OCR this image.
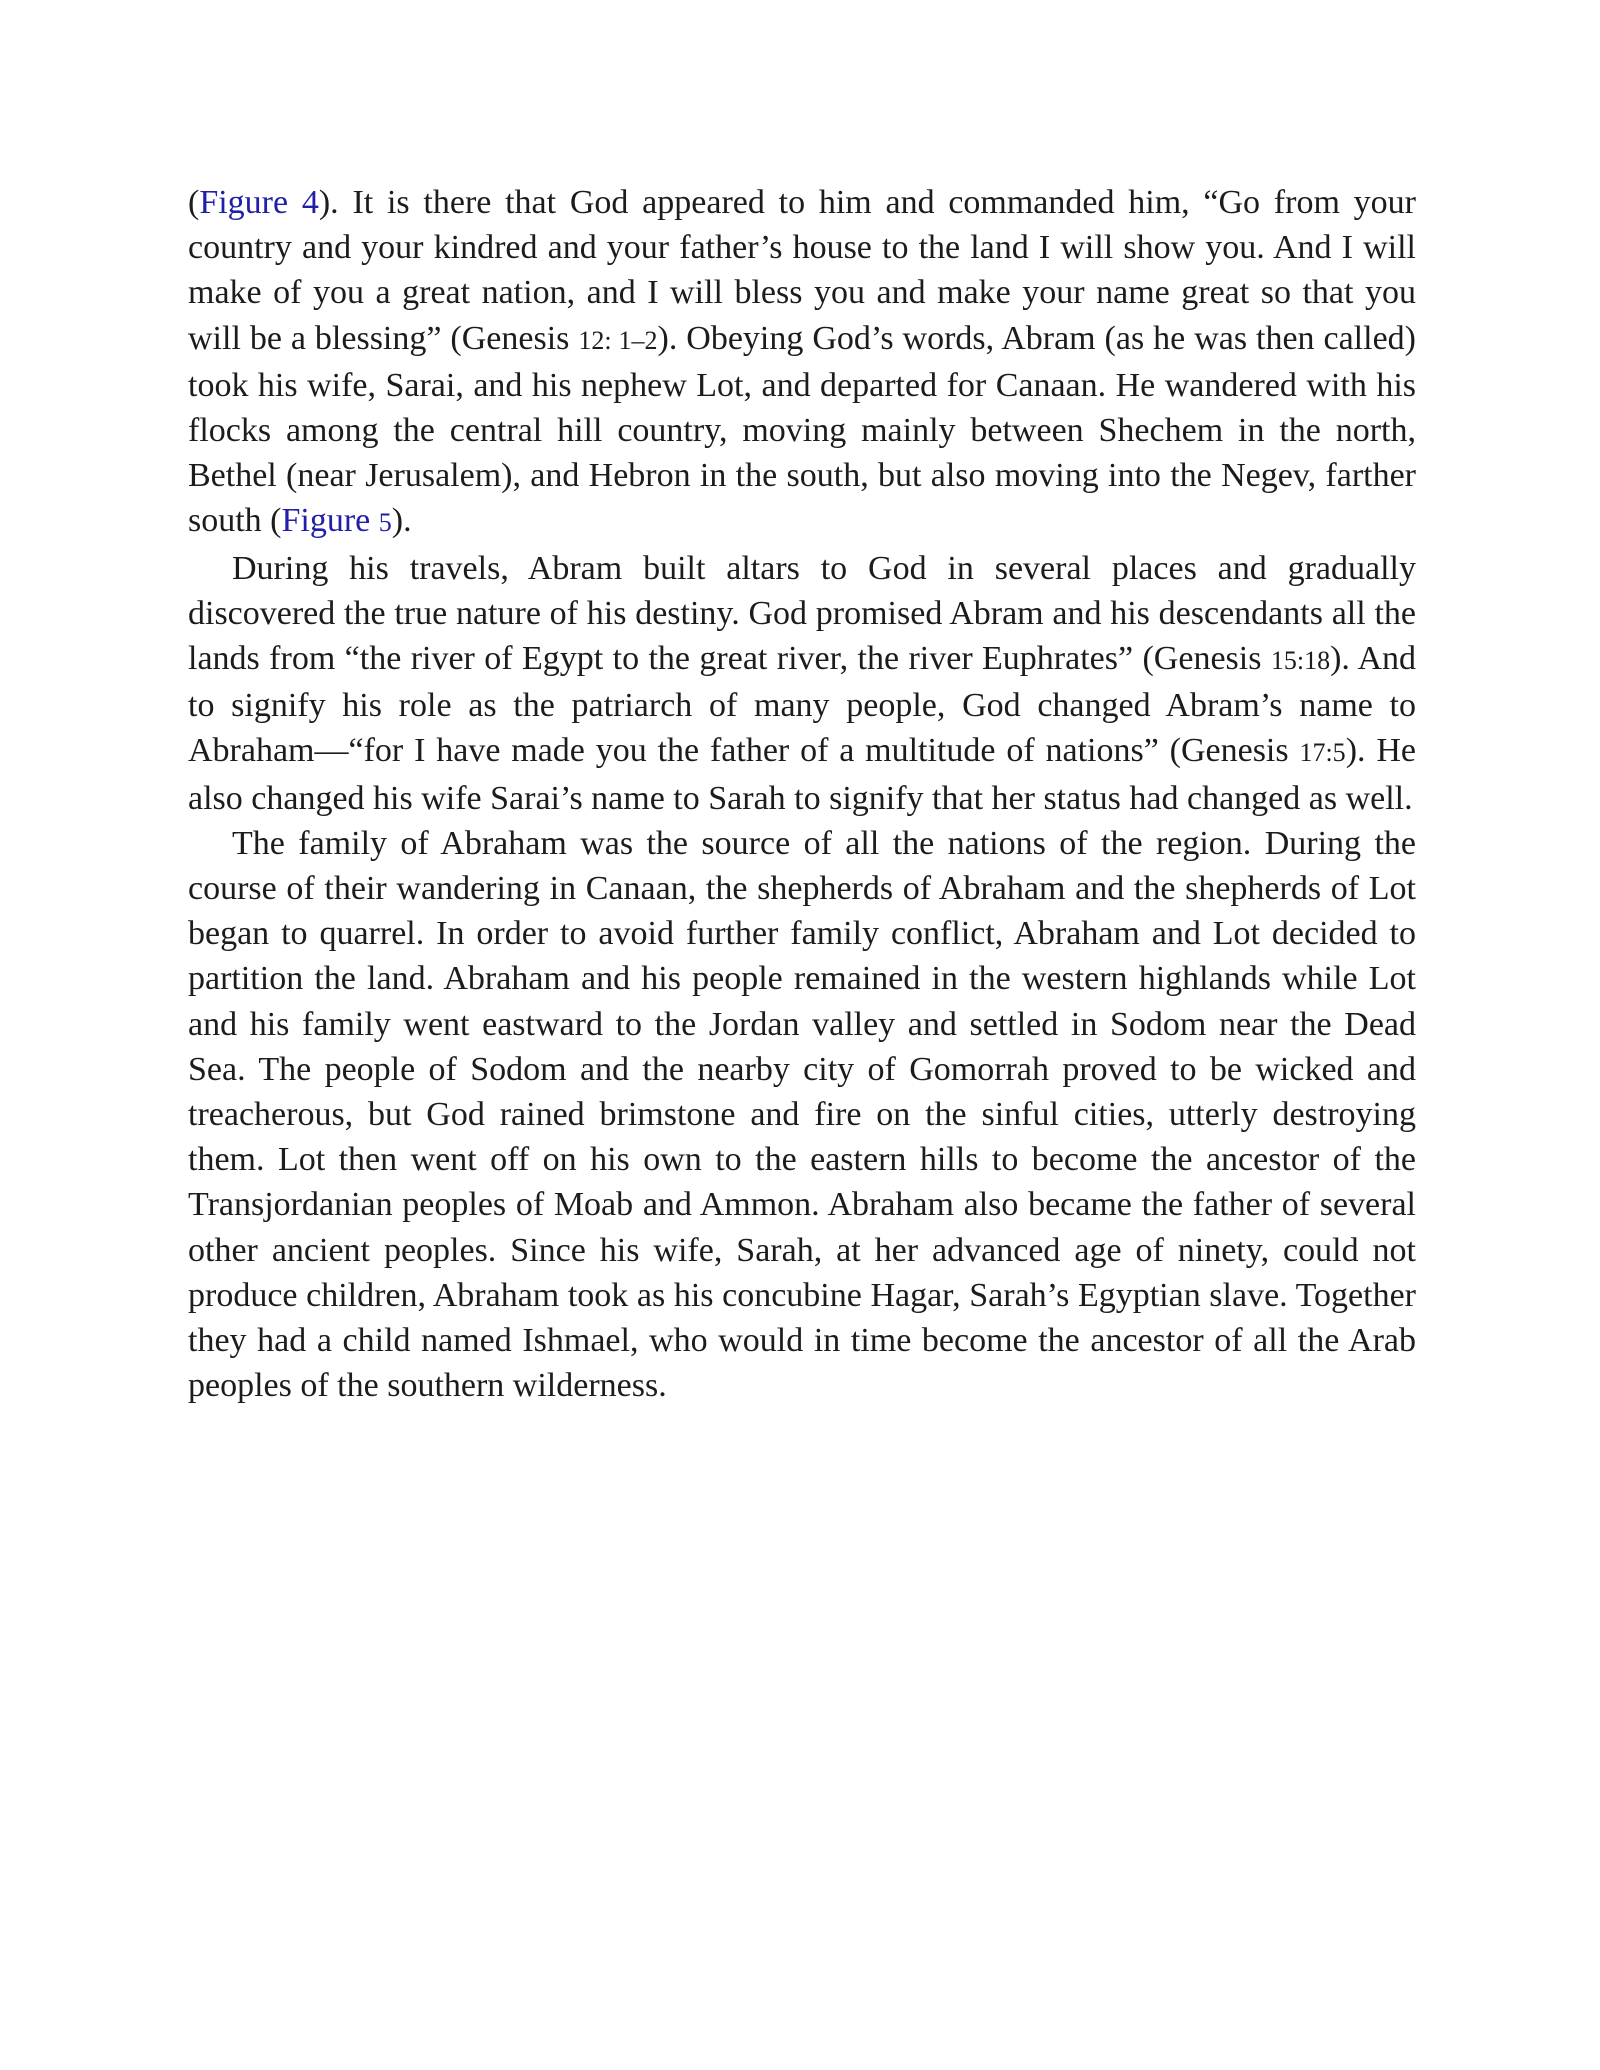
(Figure 4). It is there that God appeared to him and commanded him, “Go from your country and your kindred and your father’s house to the land I will show you. And I will make of you a great nation, and I will bless you and make your name great so that you will be a blessing” (Genesis 12: 1–2). Obeying God’s words, Abram (as he was then called) took his wife, Sarai, and his nephew Lot, and departed for Canaan. He wandered with his flocks among the central hill country, moving mainly between Shechem in the north, Bethel (near Jerusalem), and Hebron in the south, but also moving into the Negev, farther south (Figure 5).

During his travels, Abram built altars to God in several places and gradually discovered the true nature of his destiny. God promised Abram and his descendants all the lands from “the river of Egypt to the great river, the river Euphrates” (Genesis 15:18). And to signify his role as the patriarch of many people, God changed Abram’s name to Abraham—“for I have made you the father of a multitude of nations” (Genesis 17:5). He also changed his wife Sarai’s name to Sarah to signify that her status had changed as well.

The family of Abraham was the source of all the nations of the region. During the course of their wandering in Canaan, the shepherds of Abraham and the shepherds of Lot began to quarrel. In order to avoid further family conflict, Abraham and Lot decided to partition the land. Abraham and his people remained in the western highlands while Lot and his family went eastward to the Jordan valley and settled in Sodom near the Dead Sea. The people of Sodom and the nearby city of Gomorrah proved to be wicked and treacherous, but God rained brimstone and fire on the sinful cities, utterly destroying them. Lot then went off on his own to the eastern hills to become the ancestor of the Transjordanian peoples of Moab and Ammon. Abraham also became the father of several other ancient peoples. Since his wife, Sarah, at her advanced age of ninety, could not produce children, Abraham took as his concubine Hagar, Sarah’s Egyptian slave. Together they had a child named Ishmael, who would in time become the ancestor of all the Arab peoples of the southern wilderness.
